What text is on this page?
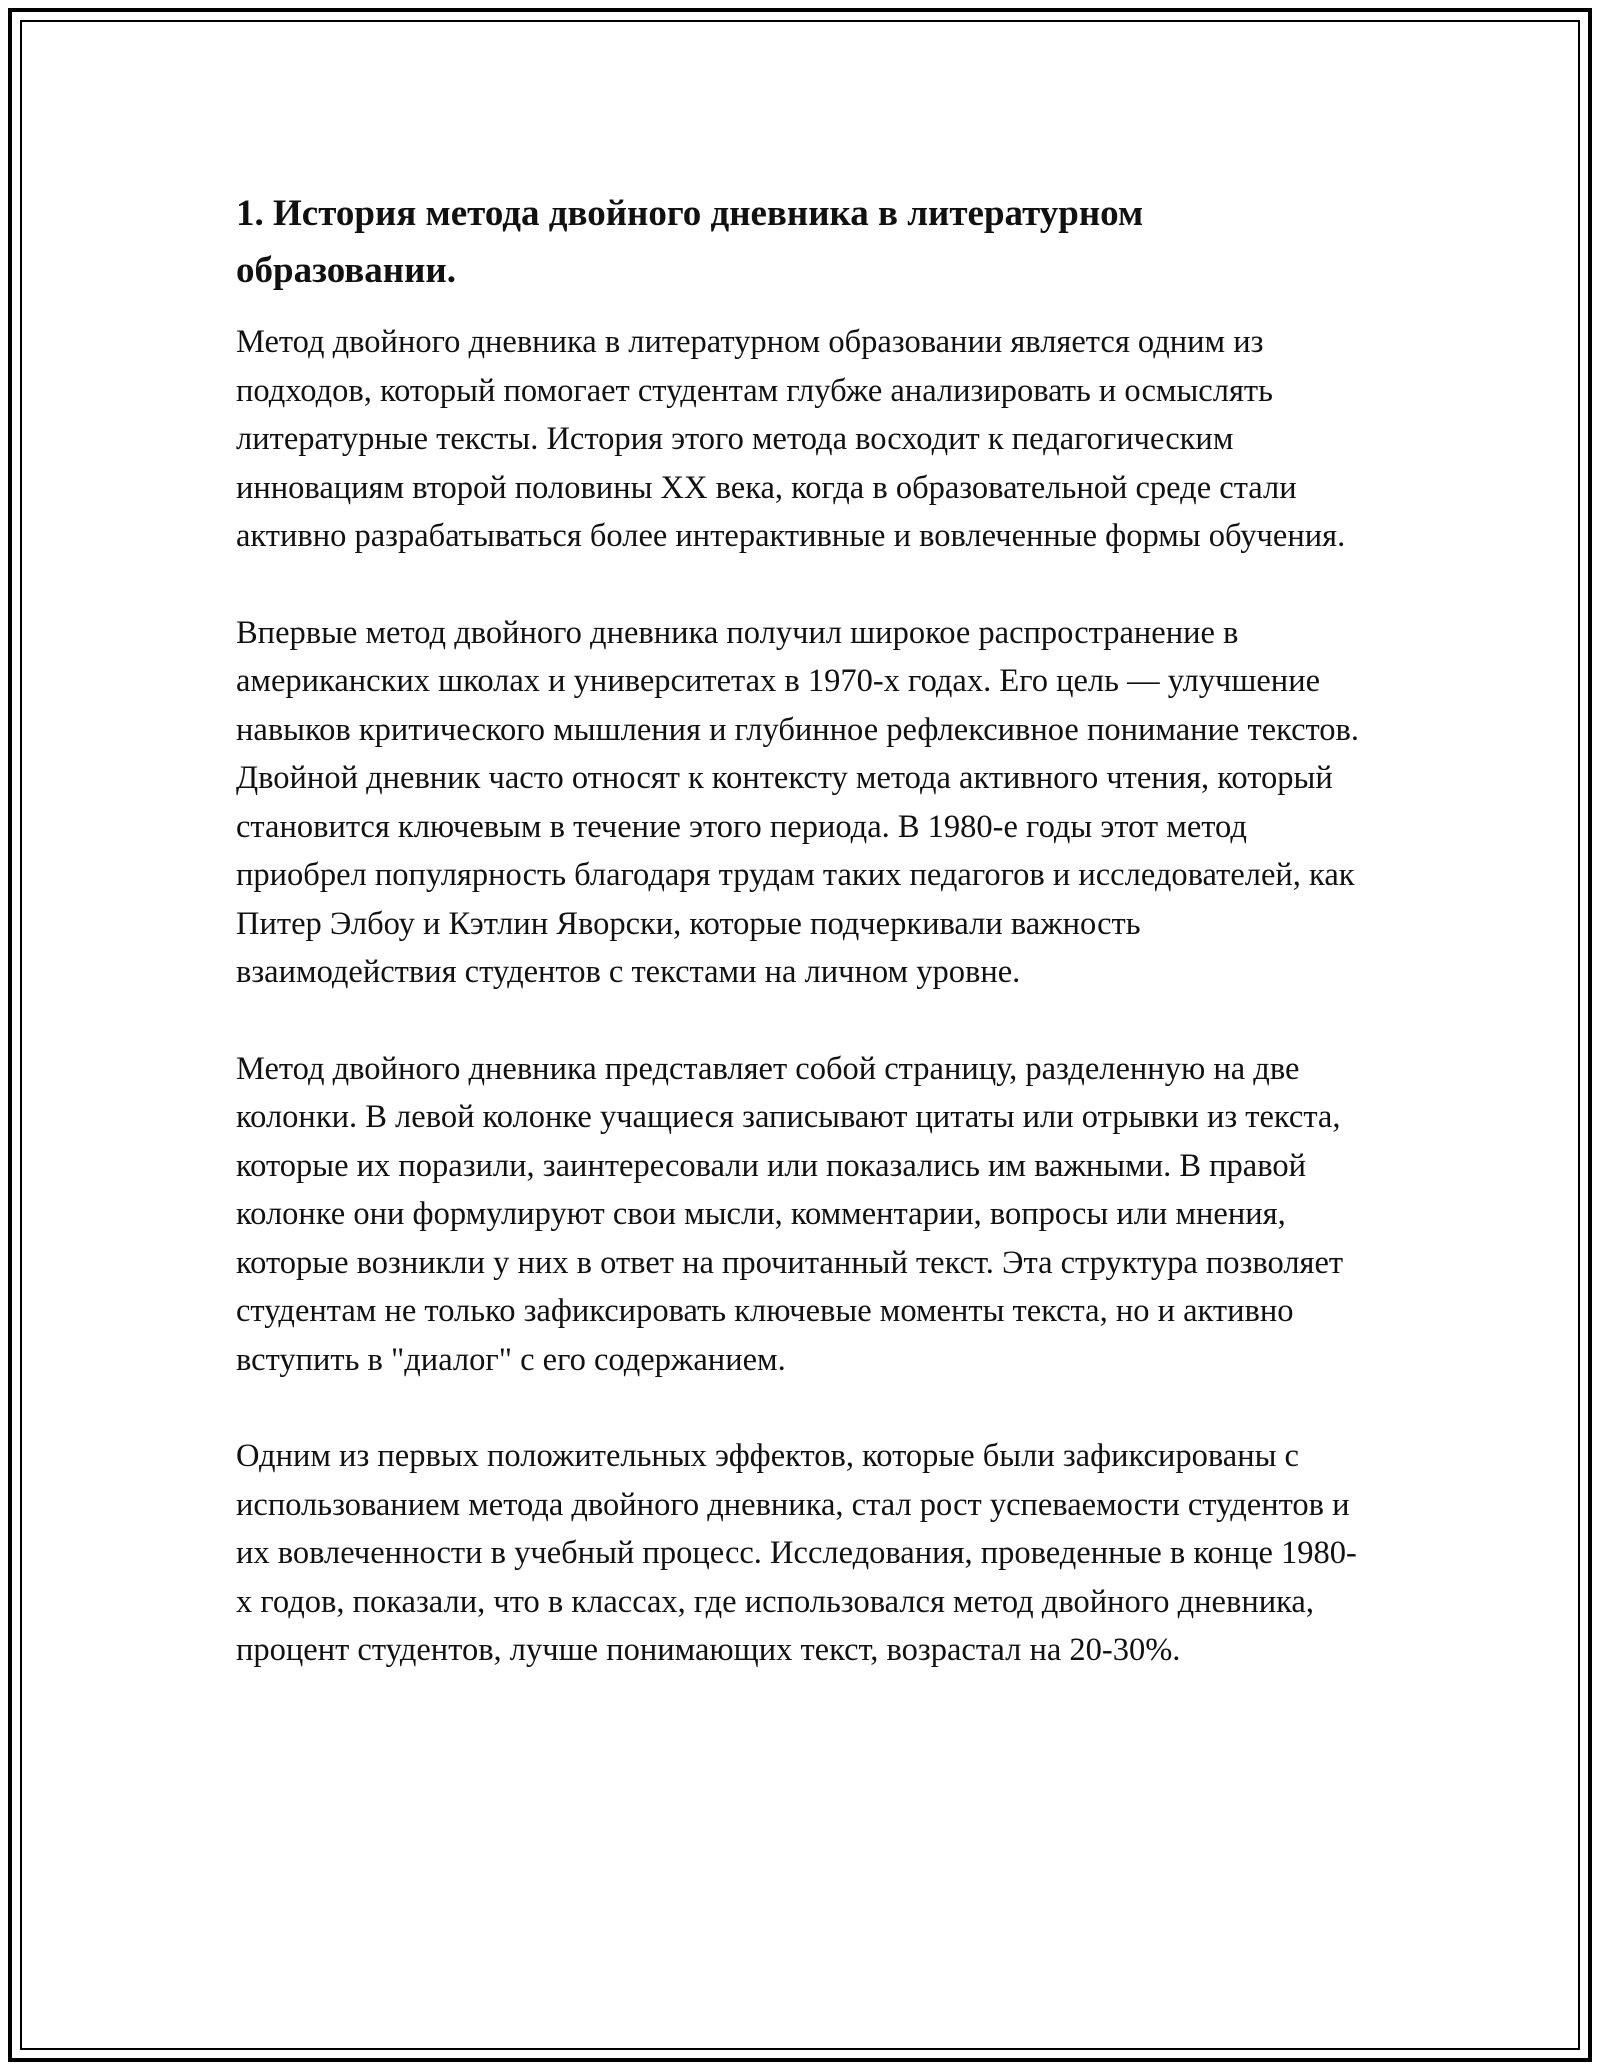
1. История метода двойного дневника в литературном образовании.

Метод двойного дневника в литературном образовании является одним из подходов, который помогает студентам глубже анализировать и осмыслять литературные тексты. История этого метода восходит к педагогическим инновациям второй половины XX века, когда в образовательной среде стали активно разрабатываться более интерактивные и вовлеченные формы обучения.

Впервые метод двойного дневника получил широкое распространение в американских школах и университетах в 1970-х годах. Его цель — улучшение навыков критического мышления и глубинное рефлексивное понимание текстов. Двойной дневник часто относят к контексту метода активного чтения, который становится ключевым в течение этого периода. В 1980-е годы этот метод приобрел популярность благодаря трудам таких педагогов и исследователей, как Питер Элбоу и Кэтлин Яворски, которые подчеркивали важность взаимодействия студентов с текстами на личном уровне.

Метод двойного дневника представляет собой страницу, разделенную на две колонки. В левой колонке учащиеся записывают цитаты или отрывки из текста, которые их поразили, заинтересовали или показались им важными. В правой колонке они формулируют свои мысли, комментарии, вопросы или мнения, которые возникли у них в ответ на прочитанный текст. Эта структура позволяет студентам не только зафиксировать ключевые моменты текста, но и активно вступить в "диалог" с его содержанием.

Одним из первых положительных эффектов, которые были зафиксированы с использованием метода двойного дневника, стал рост успеваемости студентов и их вовлеченности в учебный процесс. Исследования, проведенные в конце 1980-х годов, показали, что в классах, где использовался метод двойного дневника, процент студентов, лучше понимающих текст, возрастал на 20-30%.
